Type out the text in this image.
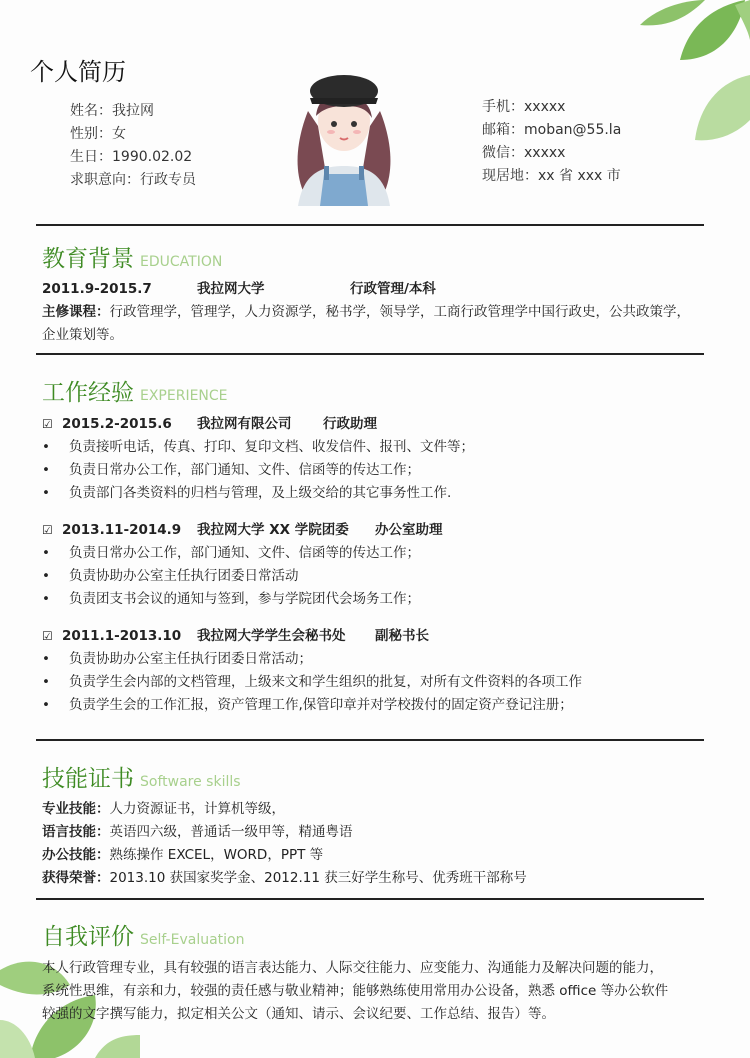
个人简历
姓名：我拉网
性别：女
生日：1990.02.02
求职意向：行政专员
手机：xxxxx
邮箱：moban@55.la
微信：xxxxx
现居地：xx 省 xxx 市
教育背景 EDUCATION
2011.9-2015.7	我拉网大学	行政管理/本科
主修课程：行政管理学，管理学，人力资源学，秘书学，领导学，工商行政管理学中国行政史，公共政策学，企业策划等。
工作经验 EXPERIENCE
☑ 2015.2-2015.6	我拉网有限公司	行政助理
•	负责接听电话，传真、打印、复印文档、收发信件、报刊、文件等；
•	负责日常办公工作，部门通知、文件、信函等的传达工作；
•	负责部门各类资料的归档与管理，及上级交给的其它事务性工作.
☑ 2013.11-2014.9	我拉网大学 XX 学院团委	办公室助理
•	负责日常办公工作，部门通知、文件、信函等的传达工作；
•	负责协助办公室主任执行团委日常活动
•	负责团支书会议的通知与签到，参与学院团代会场务工作；
☑ 2011.1-2013.10	我拉网大学学生会秘书处	副秘书长
•	负责协助办公室主任执行团委日常活动；
•	负责学生会内部的文档管理，上级来文和学生组织的批复，对所有文件资料的各项工作
•	负责学生会的工作汇报，资产管理工作,保管印章并对学校拨付的固定资产登记注册；
技能证书 Software skills
专业技能：人力资源证书，计算机等级，
语言技能：英语四六级，普通话一级甲等，精通粤语
办公技能：熟练操作 EXCEL，WORD，PPT 等
获得荣誉：2013.10 获国家奖学金、2012.11 获三好学生称号、优秀班干部称号
自我评价 Self-Evaluation
本人行政管理专业，具有较强的语言表达能力、人际交往能力、应变能力、沟通能力及解决问题的能力，系统性思维，有亲和力，较强的责任感与敬业精神；能够熟练使用常用办公设备，熟悉 office 等办公软件较强的文字撰写能力，拟定相关公文（通知、请示、会议纪要、工作总结、报告）等。
